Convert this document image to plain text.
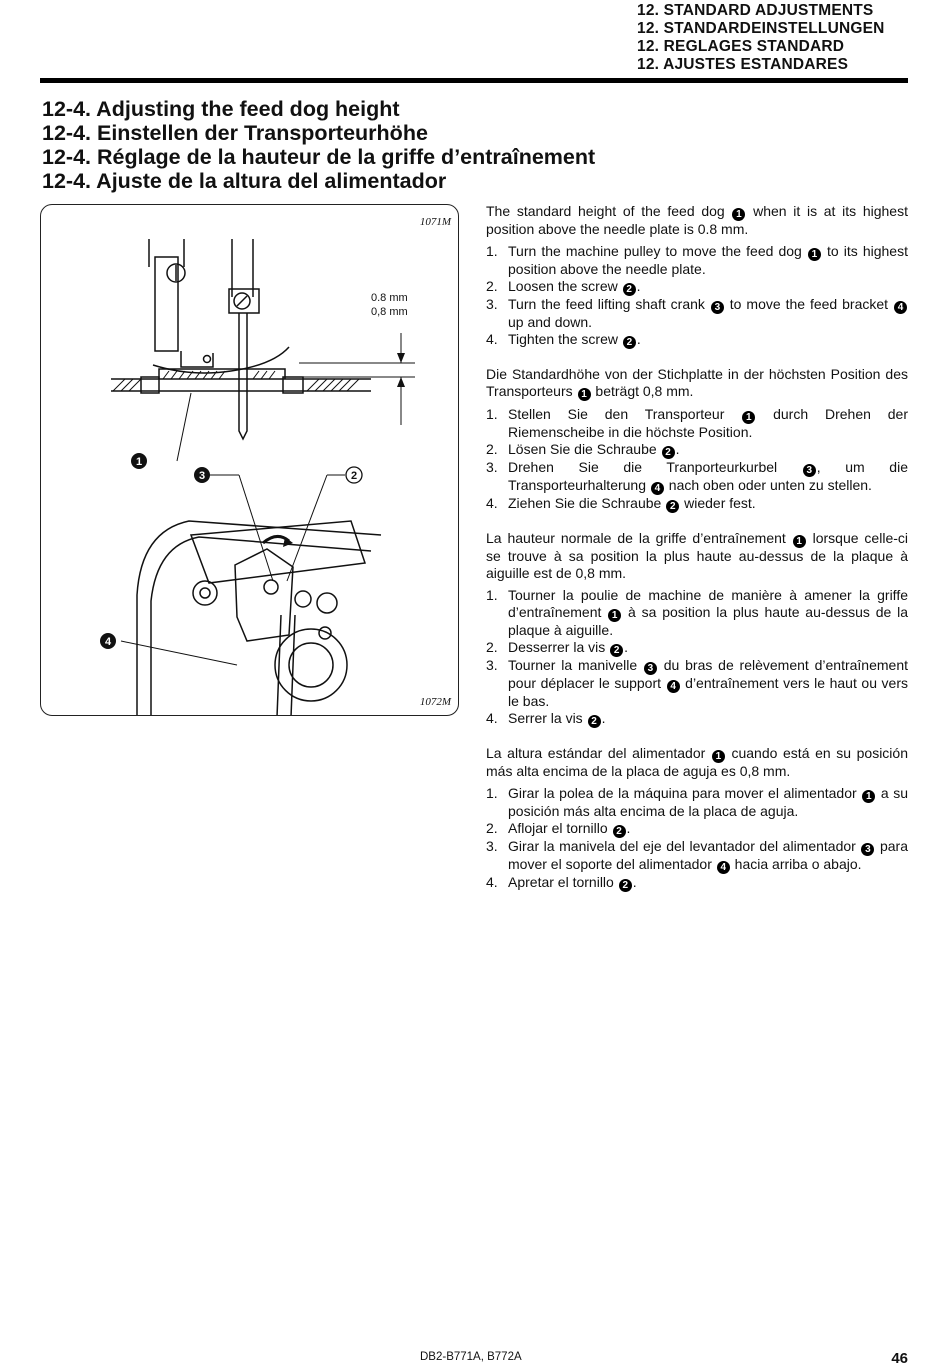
12. STANDARD ADJUSTMENTS
12. STANDARDEINSTELLUNGEN
12. REGLAGES STANDARD
12. AJUSTES ESTANDARES
12-4. Adjusting the feed dog height
12-4. Einstellen der Transporteurhöhe
12-4. Réglage de la hauteur de la griffe d’entraînement
12-4. Ajuste de la altura del alimentador
1
2
3
4
1071M
1072M
0.8 mm
0,8 mm

The standard height of the feed dog 1 when it is at its highest position above the needle plate is 0.8 mm.

1. Turn the machine pulley to move the feed dog 1 to its highest position above the needle plate.
2. Loosen the screw 2 .
3. Turn the feed lifting shaft crank 3 to move the feed bracket 4 up and down.
4. Tighten the screw 2 .

Die Standardhöhe von der Stichplatte in der höchsten Position des Transporteurs 1 beträgt 0,8 mm.

1. Stellen Sie den Transporteur 1 durch Drehen der Riemenscheibe in die höchste Position.
2. Lösen Sie die Schraube 2 .
3. Drehen Sie die Tranporteurkurbel 3 , um die Transporteurhalterung 4 nach oben oder unten zu stellen.
4. Ziehen Sie die Schraube 2 wieder fest.

La hauteur normale de la griffe d’entraînement 1 lorsque celle-ci se trouve à sa position la plus haute au-dessus de la plaque à aiguille est de 0,8 mm.

1. Tourner la poulie de machine de manière à amener la griffe d’entraînement 1 à sa position la plus haute au-dessus de la plaque à aiguille.
2. Desserrer la vis 2 .
3. Tourner la manivelle 3 du bras de relèvement d’entraînement pour déplacer le support 4 d’entraînement vers le haut ou vers le bas.
4. Serrer la vis 2 .

La altura estándar del alimentador 1 cuando está en su posición más alta encima de la placa de aguja es 0,8 mm.

1. Girar la polea de la máquina para mover el alimentador 1 a su posición más alta encima de la placa de aguja.
2. Aflojar el tornillo 2 .
3. Girar la manivela del eje del levantador del alimentador 3 para mover el soporte del alimentador 4 hacia arriba o abajo.
4. Apretar el tornillo 2 .
DB2-B771A, B772A	46
